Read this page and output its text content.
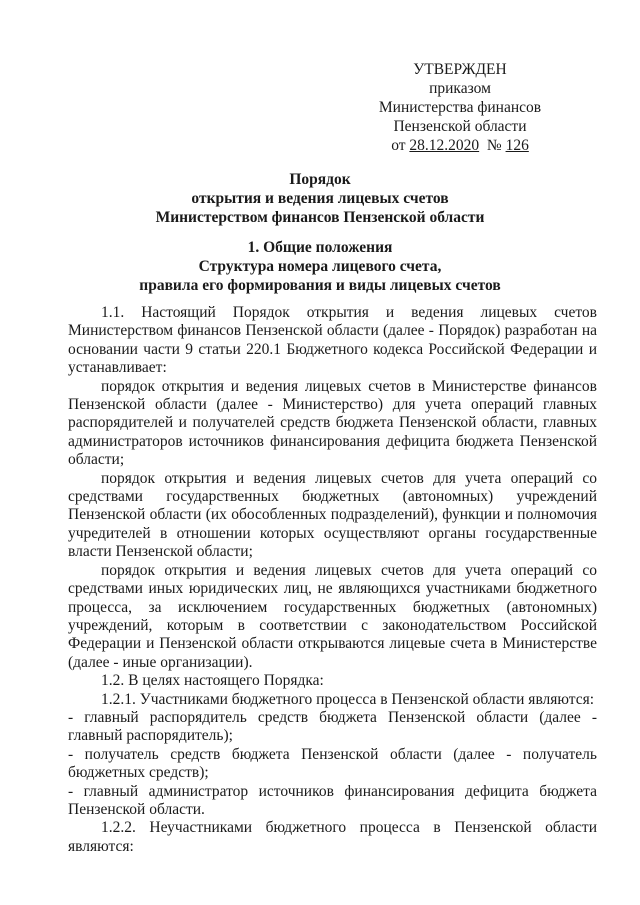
УТВЕРЖДЕН
приказом
Министерства финансов
Пензенской области
от 28.12.2020 № 126
Порядок
открытия и ведения лицевых счетов
Министерством финансов Пензенской области
1. Общие положения
Структура номера лицевого счета,
правила его формирования и виды лицевых счетов

1.1. Настоящий Порядок открытия и ведения лицевых счетов Министерством финансов Пензенской области (далее - Порядок) разработан на основании части 9 статьи 220.1 Бюджетного кодекса Российской Федерации и устанавливает:

порядок открытия и ведения лицевых счетов в Министерстве финансов Пензенской области (далее - Министерство) для учета операций главных распорядителей и получателей средств бюджета Пензенской области, главных администраторов источников финансирования дефицита бюджета Пензенской области;

порядок открытия и ведения лицевых счетов для учета операций со средствами государственных бюджетных (автономных) учреждений Пензенской области (их обособленных подразделений), функции и полномочия учредителей в отношении которых осуществляют органы государственные власти Пензенской области;

порядок открытия и ведения лицевых счетов для учета операций со средствами иных юридических лиц, не являющихся участниками бюджетного процесса, за исключением государственных бюджетных (автономных) учреждений, которым в соответствии с законодательством Российской Федерации и Пензенской области открываются лицевые счета в Министерстве (далее - иные организации).

1.2. В целях настоящего Порядка:

1.2.1. Участниками бюджетного процесса в Пензенской области являются:

- главный распорядитель средств бюджета Пензенской области (далее - главный распорядитель);

- получатель средств бюджета Пензенской области (далее - получатель бюджетных средств);

- главный администратор источников финансирования дефицита бюджета Пензенской области.

1.2.2. Неучастниками бюджетного процесса в Пензенской области являются:
